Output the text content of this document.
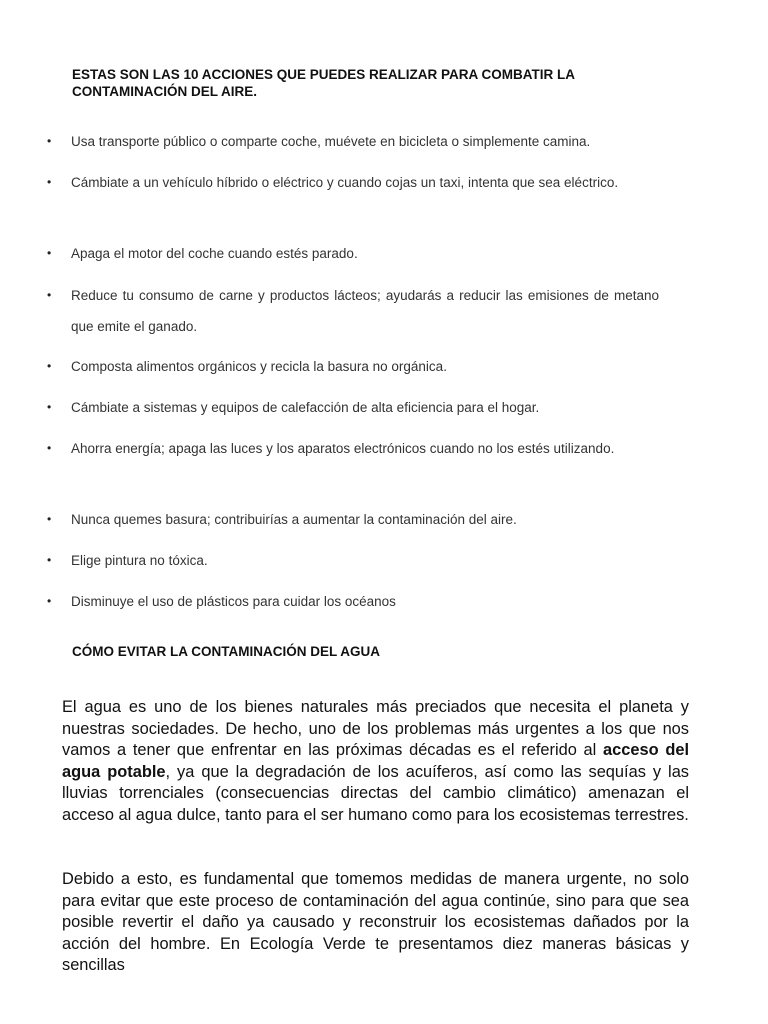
ESTAS SON LAS 10 ACCIONES QUE PUEDES REALIZAR PARA COMBATIR LA CONTAMINACIÓN DEL AIRE.
• Usa transporte público o comparte coche, muévete en bicicleta o simplemente camina.
• Cámbiate a un vehículo híbrido o eléctrico y cuando cojas un taxi, intenta que sea eléctrico.
• Apaga el motor del coche cuando estés parado.
• Reduce tu consumo de carne y productos lácteos; ayudarás a reducir las emisiones de metano que emite el ganado.
• Composta alimentos orgánicos y recicla la basura no orgánica.
• Cámbiate a sistemas y equipos de calefacción de alta eficiencia para el hogar.
• Ahorra energía; apaga las luces y los aparatos electrónicos cuando no los estés utilizando.
• Nunca quemes basura; contribuirías a aumentar la contaminación del aire.
• Elige pintura no tóxica.
• Disminuye el uso de plásticos para cuidar los océanos
CÓMO EVITAR LA CONTAMINACIÓN DEL AGUA

El agua es uno de los bienes naturales más preciados que necesita el planeta y nuestras sociedades. De hecho, uno de los problemas más urgentes a los que nos vamos a tener que enfrentar en las próximas décadas es el referido al acceso del agua potable, ya que la degradación de los acuíferos, así como las sequías y las lluvias torrenciales (consecuencias directas del cambio climático) amenazan el acceso al agua dulce, tanto para el ser humano como para los ecosistemas terrestres.

Debido a esto, es fundamental que tomemos medidas de manera urgente, no solo para evitar que este proceso de contaminación del agua continúe, sino para que sea posible revertir el daño ya causado y reconstruir los ecosistemas dañados por la acción del hombre. En Ecología Verde te presentamos diez maneras básicas y sencillas
